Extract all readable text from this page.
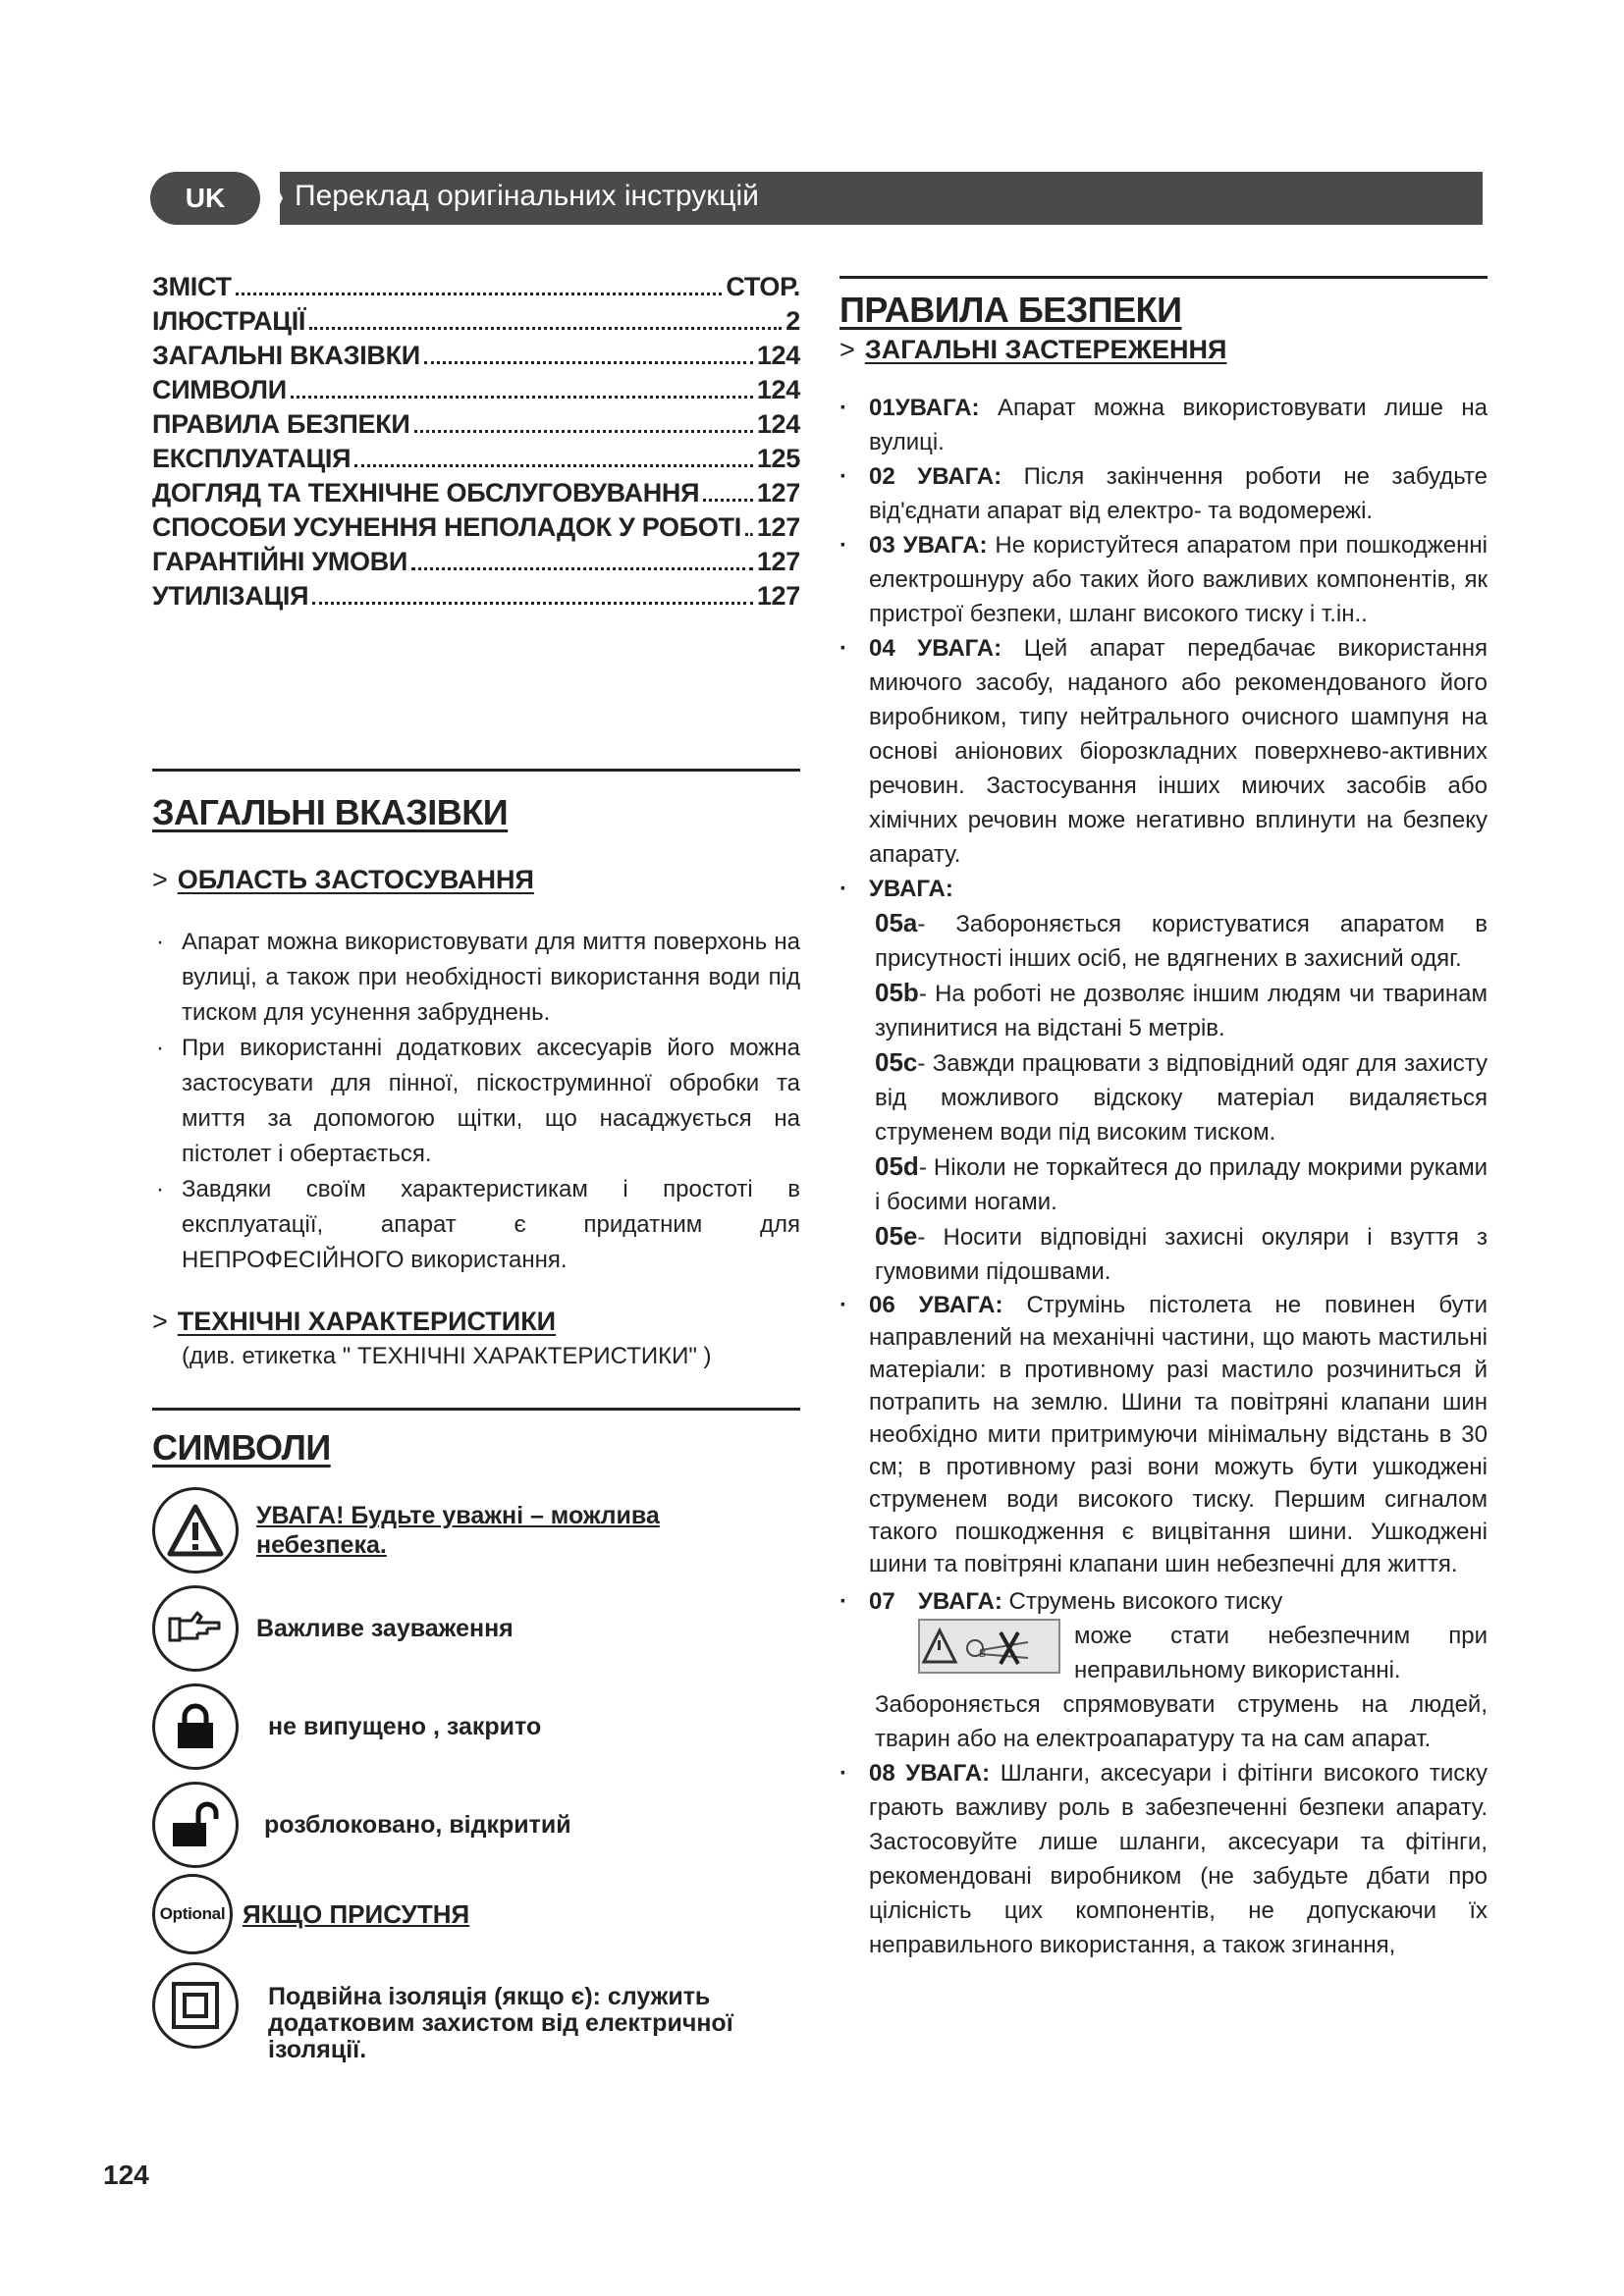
UK	Переклад оригінальних інструкцій
ЗМІСТ	СТОР.
ІЛЮСТРАЦІЇ	2
ЗАГАЛЬНІ ВКАЗІВКИ	124
СИМВОЛИ	124
ПРАВИЛА БЕЗПЕКИ	124
ЕКСПЛУАТАЦІЯ	125
ДОГЛЯД ТА ТЕХНІЧНЕ ОБСЛУГОВУВАННЯ 127
СПОСОБИ УСУНЕННЯ НЕПОЛАДОК У РОБОТІ 127
ГАРАНТІЙНІ УМОВИ	127
УТИЛІЗАЦІЯ	127
ЗАГАЛЬНІ ВКАЗІВКИ
> ОБЛАСТЬ ЗАСТОСУВАННЯ
· Апарат можна використовувати для миття поверхонь на вулиці, а також при необхідності використання води під тиском для усунення забруднень.
· При використанні додаткових аксесуарів його можна застосувати для пінної, піскоструминної обробки та миття за допомогою щітки, що насаджується на пістолет і обертається.
· Завдяки своїм характеристикам і простоті в експлуатації, апарат є придатним для НЕПРОФЕСІЙНОГО використання.
> ТЕХНІЧНІ ХАРАКТЕРИСТИКИ
(див. етикетка " ТЕХНІЧНІ ХАРАКТЕРИСТИКИ" )
СИМВОЛИ
УВАГА! Будьте уважні – можлива небезпека.
Важливе зауваження
не випущено , закрито
розблоковано, відкритий
Optional ЯКЩО ПРИСУТНЯ
Подвійна ізоляція (якщо є): служить додатковим захистом від електричної ізоляції.
ПРАВИЛА БЕЗПЕКИ
> ЗАГАЛЬНІ ЗАСТЕРЕЖЕННЯ
· 01УВАГА: Апарат можна використовувати лише на вулиці.
· 02 УВАГА: Після закінчення роботи не забудьте від'єднати апарат від електро- та водомережі.
· 03 УВАГА: Не користуйтеся апаратом при пошкодженні електрошнуру або таких його важливих компонентів, як пристрої безпеки, шланг високого тиску і т.ін..
· 04 УВАГА: Цей апарат передбачає використання миючого засобу, наданого або рекомендованого його виробником, типу нейтрального очисного шампуня на основі аніонових біорозкладних поверхнево-активних речовин. Застосування інших миючих засобів або хімічних речовин може негативно вплинути на безпеку апарату.
· УВАГА:
05a- Забороняється користуватися апаратом в присутності інших осіб, не вдягнених в захисний одяг.
05b- На роботі не дозволяє іншим людям чи тваринам зупинитися на відстані 5 метрів.
05c- Завжди працювати з відповідний одяг для захисту від можливого відскоку матеріал видаляється струменем води під високим тиском.
05d- Ніколи не торкайтеся до приладу мокрими руками і босими ногами.
05e- Носити відповідні захисні окуляри і взуття з гумовими підошвами.
· 06 УВАГА: Струмінь пістолета не повинен бути направлений на механічні частини, що мають мастильні матеріали: в противному разі мастило розчиниться й потрапить на землю. Шини та повітряні клапани шин необхідно мити притримуючи мінімальну відстань в 30 см; в противному разі вони можуть бути ушкоджені струменем води високого тиску. Першим сигналом такого пошкодження є вицвітання шини. Ушкоджені шини та повітряні клапани шин небезпечні для життя.
· 07 УВАГА: Струмень високого тиску
B
може стати небезпечним при неправильному використанні.
Забороняється спрямовувати струмень на людей, тварин або на електроапаратуру та на сам апарат.
· 08 УВАГА: Шланги, аксесуари і фітінги високого тиску грають важливу роль в забезпеченні безпеки апарату. Застосовуйте лише шланги, аксесуари та фітінги, рекомендовані виробником (не забудьте дбати про цілісність цих компонентів, не допускаючи їх неправильного використання, а також згинання,
124
